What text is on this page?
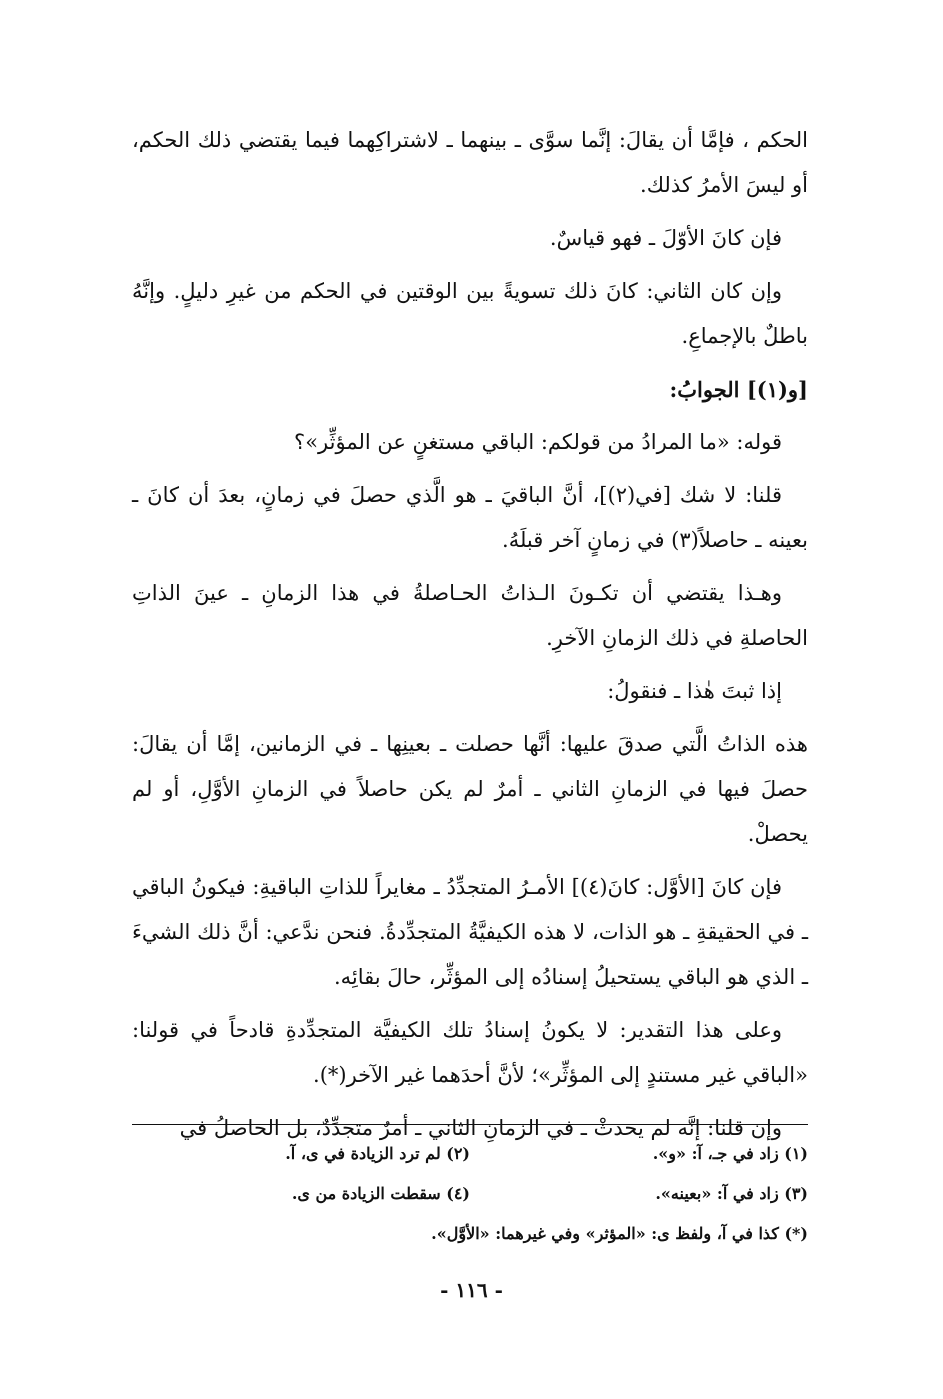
الحكم ، فإمَّا أن يقالَ: إنَّما سوَّى ـ بينهما ـ لاشتراكِهما فيما يقتضي ذلك الحكم، أو ليسَ الأمرُ كذلك.

فإن كانَ الأوّلَ ـ فهو قياسٌ.

وإن كان الثاني: كانَ ذلك تسويةً بين الوقتين في الحكم من غيرِ دليلٍ. وإنَّهُ باطلٌ بالإجماعِ.

[و(١)] الجوابُ:

قوله: «ما المرادُ من قولكم: الباقي مستغنٍ عن المؤثِّر»؟

قلنا: لا شك [في(٢)]، أنَّ الباقيَ ـ هو الَّذي حصلَ في زمانٍ، بعدَ أن كانَ ـ بعينه ـ حاصلاً(٣) في زمانٍ آخر قبلَهُ.

وهـذا يقتضي أن تكـونَ الـذاتُ الحـاصلةُ في هذا الزمانِ ـ عينَ الذاتِ الحاصلةِ في ذلك الزمانِ الآخرِ.

إذا ثبتَ هٰذا ـ فنقولُ:

هذه الذاتُ الَّتي صدقَ عليها: أنَّها حصلت ـ بعينِها ـ في الزمانين، إمَّا أن يقالَ: حصلَ فيها في الزمانِ الثاني ـ أمرٌ لم يكن حاصلاً في الزمانِ الأوَّلِ، أو لم يحصلْ.

فإن كانَ [الأوَّل: كانَ(٤)] الأمـرُ المتجدِّدُ ـ مغايراً للذاتِ الباقيةِ: فيكونُ الباقي ـ في الحقيقةِ ـ هو الذات، لا هذه الكيفيَّةُ المتجدِّدةُ. فنحن ندَّعي: أنَّ ذلك الشيءَ ـ الذي هو الباقي يستحيلُ إسنادُه إلى المؤثِّر، حالَ بقائِه.

وعلى هذا التقدير: لا يكونُ إسنادُ تلك الكيفيَّة المتجدِّدةِ قادحاً في قولنا: «الباقي غير مستندٍ إلى المؤثِّر»؛ لأنَّ أحدَهما غير الآخر(*).

وإن قلنا: إنَّه لم يحدثْ ـ في الزمانِ الثاني ـ أمرٌ متجدِّدٌ، بل الحاصلُ في

(١) زاد في جـ، آ: «و».
(٢) لم ترد الزيادة في ى، آ.
(٣) زاد في آ: «بعينه».
(٤) سقطت الزيادة من ى.
(*) كذا في آ، ولفظ ى: «المؤثر» وفي غيرهما: «الأوَّل».
- ١١٦ -
